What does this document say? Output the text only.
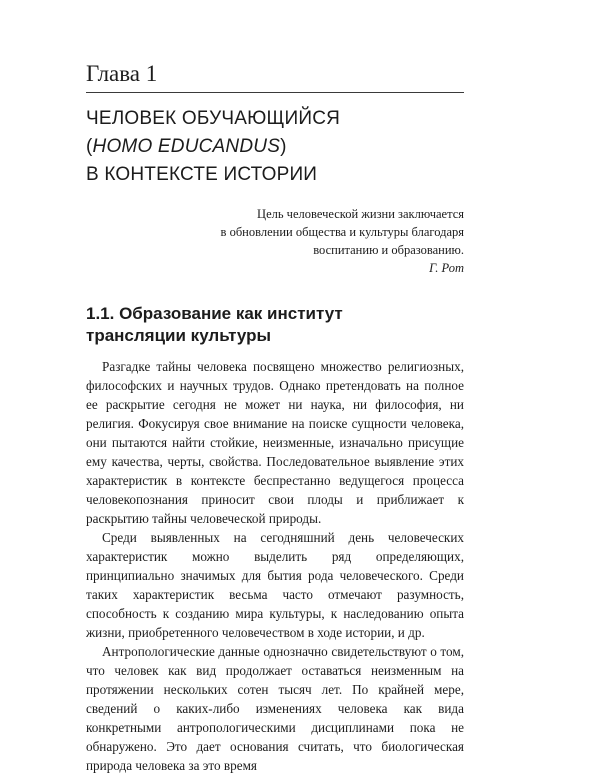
Глава 1
ЧЕЛОВЕК ОБУЧАЮЩИЙСЯ
(HOMO EDUCANDUS)
В КОНТЕКСТЕ ИСТОРИИ
Цель человеческой жизни заключается
в обновлении общества и культуры благодаря
воспитанию и образованию.
Г. Рот
1.1. Образование как институт
трансляции культуры

Разгадке тайны человека посвящено множество религиозных, философских и научных трудов. Однако претендовать на полное ее раскрытие сегодня не может ни наука, ни философия, ни религия. Фокусируя свое внимание на поиске сущности человека, они пытаются найти стойкие, неизменные, изначально присущие ему качества, черты, свойства. Последовательное выявление этих характеристик в контексте беспрестанно ведущегося процесса человекопознания приносит свои плоды и приближает к раскрытию тайны человеческой природы.

Среди выявленных на сегодняшний день человеческих характеристик можно выделить ряд определяющих, принципиально значимых для бытия рода человеческого. Среди таких характеристик весьма часто отмечают разумность, способность к созданию мира культуры, к наследованию опыта жизни, приобретенного человечеством в ходе истории, и др.

Антропологические данные однозначно свидетельствуют о том, что человек как вид продолжает оставаться неизменным на протяжении нескольких сотен тысяч лет. По крайней мере, сведений о каких-либо изменениях человека как вида конкретными антропологическими дисциплинами пока не обнаружено. Это дает основания считать, что биологическая природа человека за это время
